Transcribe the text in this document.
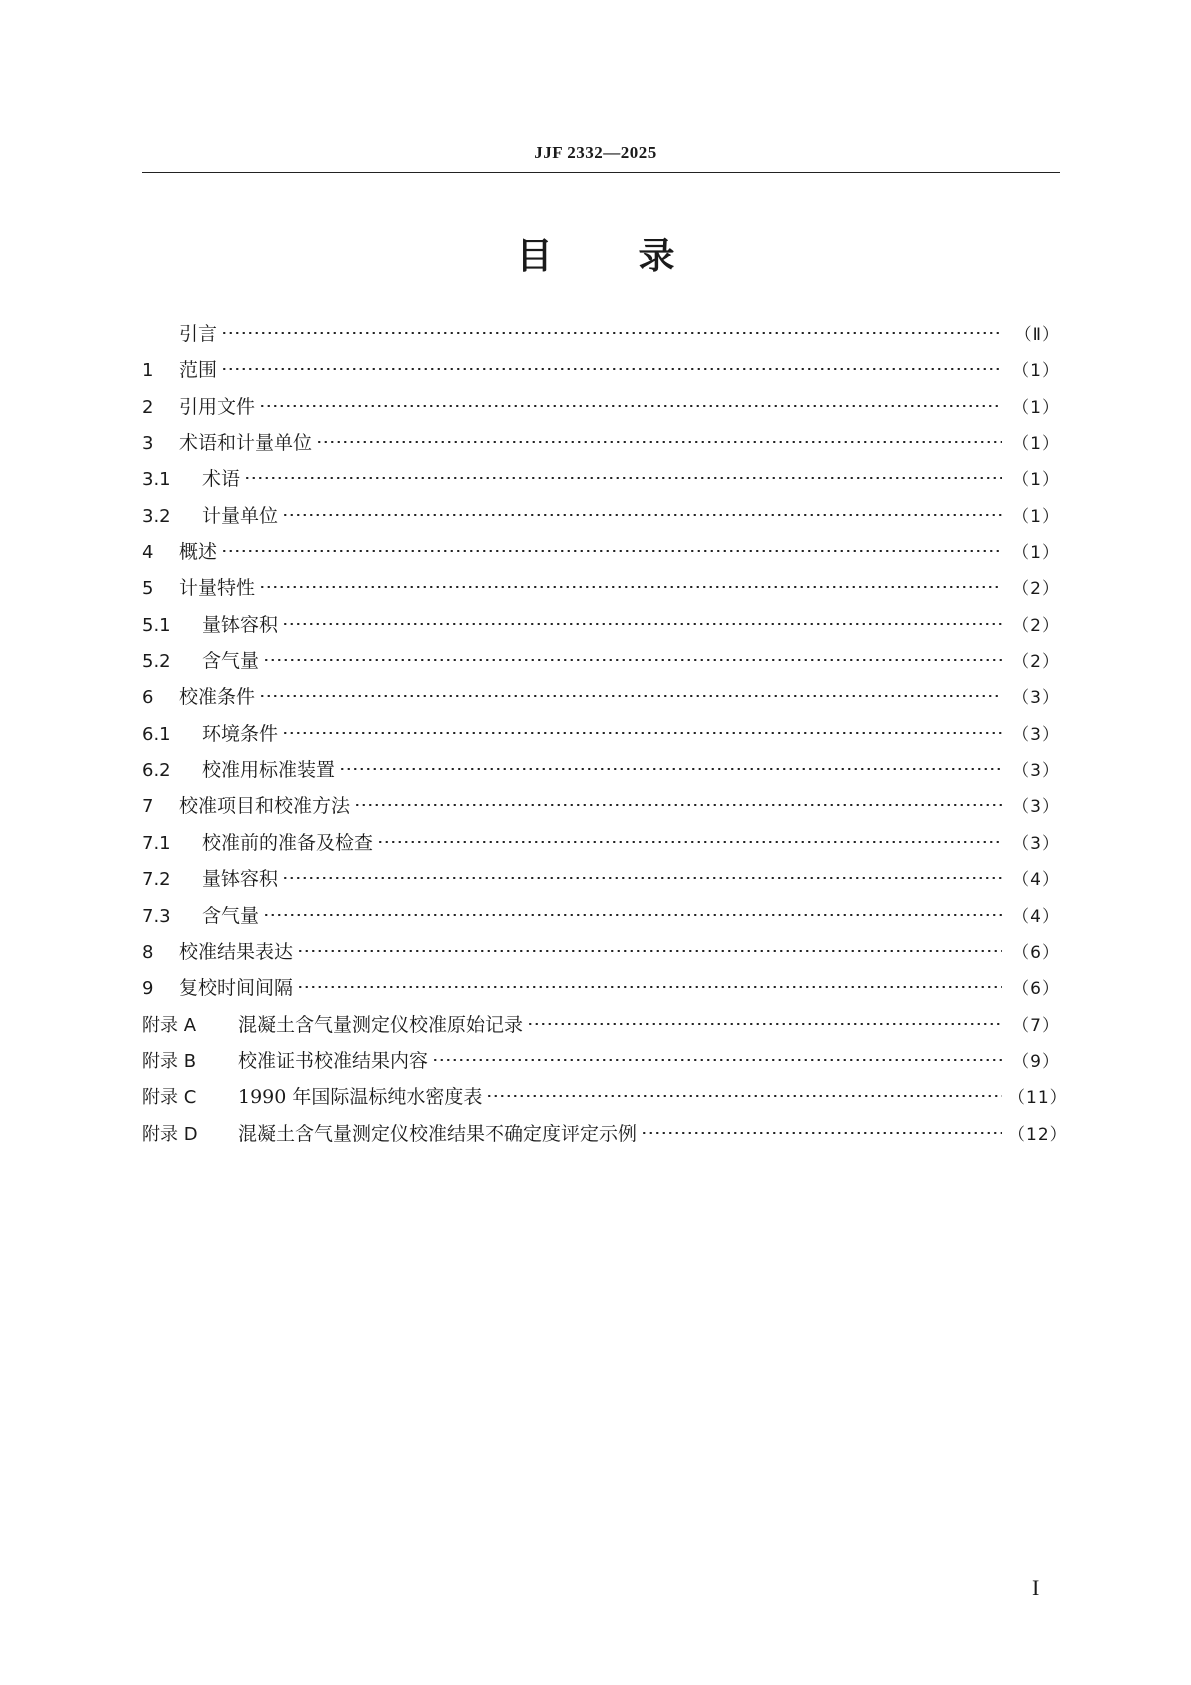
JJF 2332—2025
目录
引言	（Ⅱ）
1	范围	（1）
2	引用文件	（1）
3	术语和计量单位	（1）
3.1	术语	（1）
3.2	计量单位	（1）
4	概述	（1）
5	计量特性	（2）
5.1	量钵容积	（2）
5.2	含气量	（2）
6	校准条件	（3）
6.1	环境条件	（3）
6.2	校准用标准装置	（3）
7	校准项目和校准方法	（3）
7.1	校准前的准备及检查	（3）
7.2	量钵容积	（4）
7.3	含气量	（4）
8	校准结果表达	（6）
9	复校时间间隔	（6）
附录 A	混凝土含气量测定仪校准原始记录	（7）
附录 B	校准证书校准结果内容	（9）
附录 C	1990 年国际温标纯水密度表	（11）
附录 D	混凝土含气量测定仪校准结果不确定度评定示例	（12）
I
